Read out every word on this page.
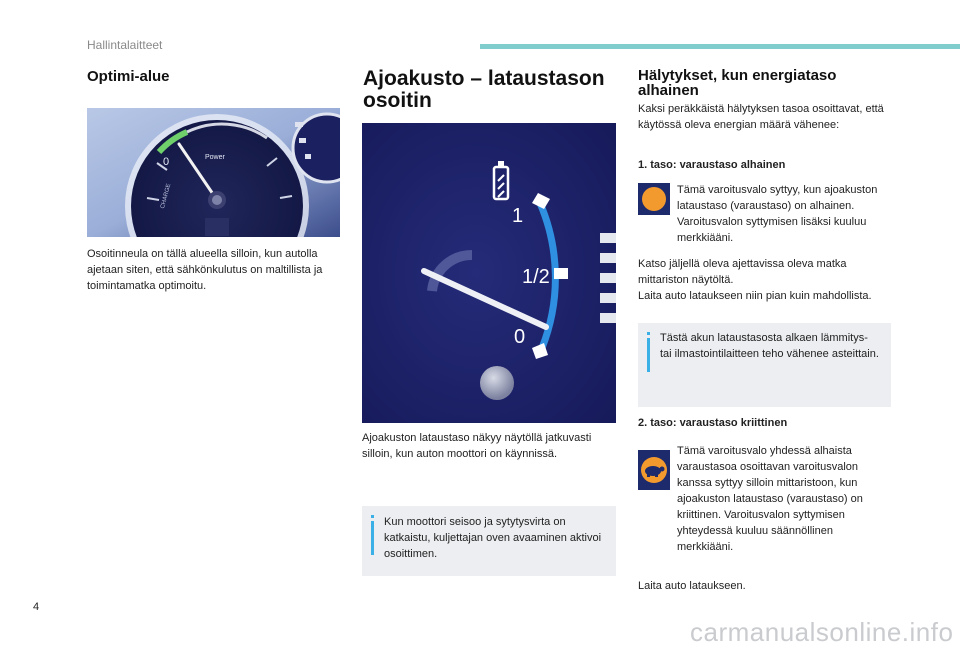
Hallintalaitteet
Optimi-alue
0	Power
CHARGE
Osoitinneula on tällä alueella silloin, kun autolla ajetaan siten, että sähkönkulutus on maltillista ja toimintamatka optimoitu.
Ajoakusto – lataustason osoitin
1
1/2
0
Ajoakuston lataustaso näkyy näytöllä jatkuvasti silloin, kun auton moottori on käynnissä.
Kun moottori seisoo ja sytytysvirta on katkaistu, kuljettajan oven avaaminen aktivoi osoittimen.
Hälytykset, kun energiataso alhainen
Kaksi peräkkäistä hälytyksen tasoa osoittavat, että käytössä oleva energian määrä vähenee:
1. taso: varaustaso alhainen
Tämä varoitusvalo syttyy, kun ajoakuston lataustaso (varaustaso) on alhainen. Varoitusvalon syttymisen lisäksi kuuluu merkkiääni.
Katso jäljellä oleva ajettavissa oleva matka mittariston näytöltä.
Laita auto lataukseen niin pian kuin mahdollista.
Tästä akun lataustasosta alkaen lämmitys- tai ilmastointilaitteen teho vähenee asteittain.
2. taso: varaustaso kriittinen
Tämä varoitusvalo yhdessä alhaista varaustasoa osoittavan varoitusvalon kanssa syttyy silloin mittaristoon, kun ajoakuston lataustaso (varaustaso) on kriittinen. Varoitusvalon syttymisen yhteydessä kuuluu säännöllinen merkkiääni.
Laita auto lataukseen.
4
carmanualsonline.info
